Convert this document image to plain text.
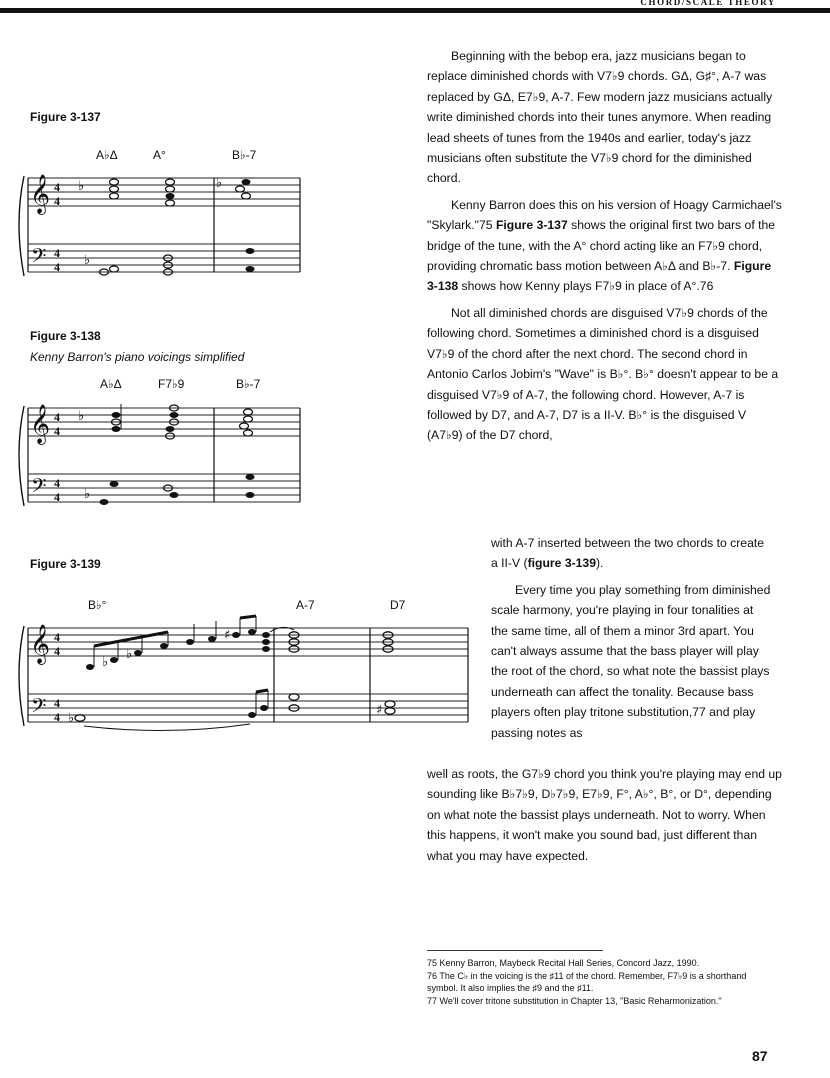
CHORD/SCALE THEORY
Figure 3-137
A♭Δ	A°	B♭-7
𝄞
𝄢
4
4
4
4
♭
♭
♭
Figure 3-138
Kenny Barron's piano voicings simplified
A♭Δ	F7♭9	B♭-7
𝄞
𝄢
4
4
4
4
♭
♭
Figure 3-139
B♭°	A-7	D7
𝄞
𝄢
4
4
4
4
♭
♭
♯
♭
♯

Beginning with the bebop era, jazz musicians began to replace diminished chords with V7♭9 chords. GΔ, G♯°, A-7 was replaced by GΔ, E7♭9, A-7. Few modern jazz musicians actually write diminished chords into their tunes anymore. When reading lead sheets of tunes from the 1940s and earlier, today's jazz musicians often substitute the V7♭9 chord for the diminished chord.

Kenny Barron does this on his version of Hoagy Carmichael's "Skylark."75 Figure 3-137 shows the original first two bars of the bridge of the tune, with the A° chord acting like an F7♭9 chord, providing chromatic bass motion between A♭Δ and B♭-7. Figure 3-138 shows how Kenny plays F7♭9 in place of A°.76

Not all diminished chords are disguised V7♭9 chords of the following chord. Sometimes a diminished chord is a disguised V7♭9 of the chord after the next chord. The second chord in Antonio Carlos Jobim's "Wave" is B♭°. B♭° doesn't appear to be a disguised V7♭9 of A-7, the following chord. However, A-7 is followed by D7, and A-7, D7 is a II-V. B♭° is the disguised V (A7♭9) of the D7 chord,

with A-7 inserted between the two chords to create a II-V (figure 3-139).

Every time you play something from diminished scale harmony, you're playing in four tonalities at the same time, all of them a minor 3rd apart. You can't always assume that the bass player will play the root of the chord, so what note the bassist plays underneath can affect the tonality. Because bass players often play tritone substitution,77 and play passing notes as

well as roots, the G7♭9 chord you think you're playing may end up sounding like B♭7♭9, D♭7♭9, E7♭9, F°, A♭°, B°, or D°, depending on what note the bassist plays underneath. Not to worry. When this happens, it won't make you sound bad, just different than what you may have expected.

75 Kenny Barron, Maybeck Recital Hall Series, Concord Jazz, 1990.
76 The C♭ in the voicing is the ♯11 of the chord. Remember, F7♭9 is a shorthand symbol. It also implies the ♯9 and the ♯11.
77 We'll cover tritone substitution in Chapter 13, "Basic Reharmonization."
87
